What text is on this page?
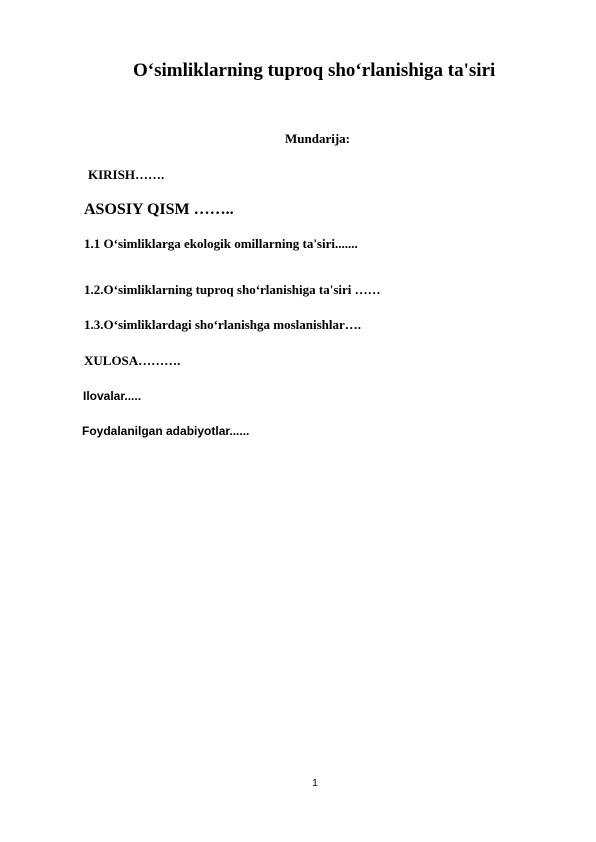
O‘simliklarning tuproq sho‘rlanishiga ta'siri
Mundarija:
KIRISH…….
ASOSIY QISM ……..
1.1 O‘simliklarga ekologik omillarning ta'siri.......
1.2.O‘simliklarning tuproq sho‘rlanishiga ta'siri ……
1.3.O‘simliklardagi sho‘rlanishga moslanishlar….
XULOSA……….
Ilovalar.....
Foydalanilgan adabiyotlar......
1
